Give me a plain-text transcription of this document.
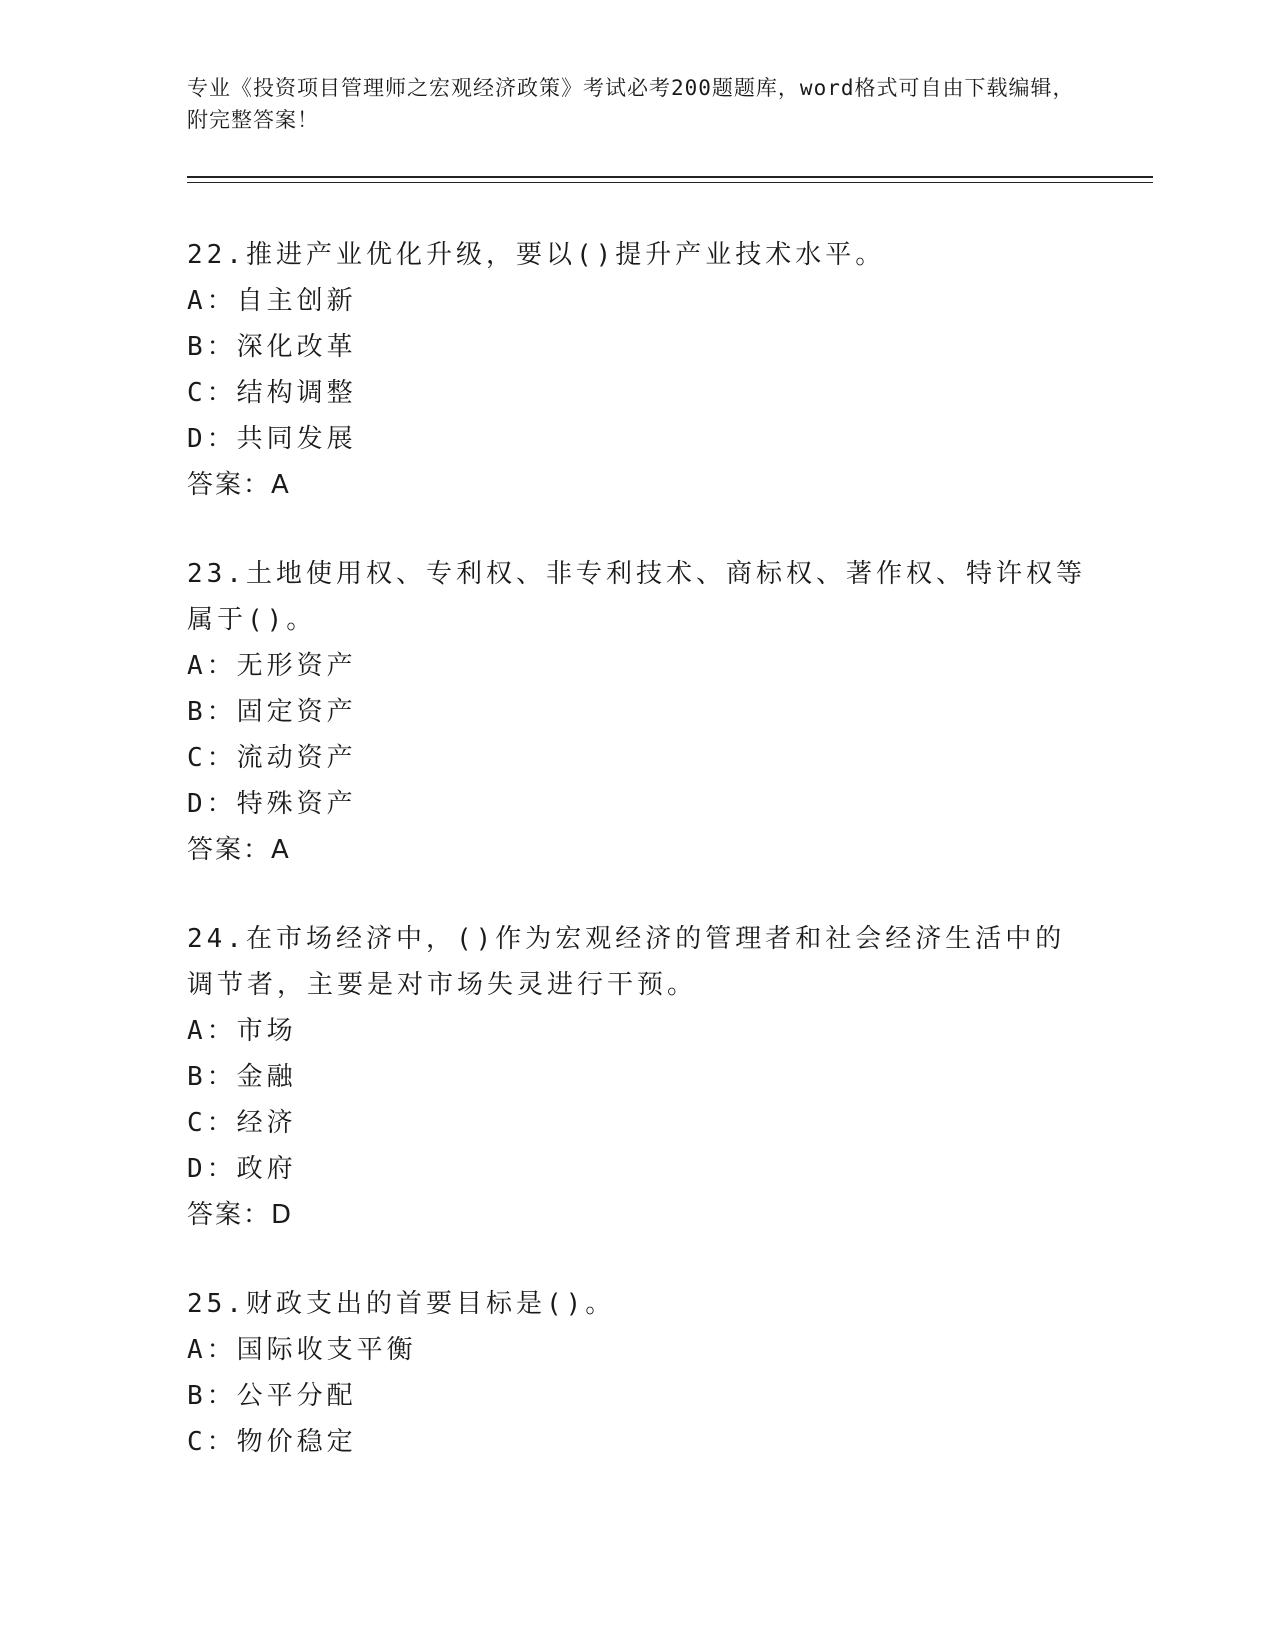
专业《投资项目管理师之宏观经济政策》考试必考200题题库，word格式可自由下载编辑，附完整答案！

22.推进产业优化升级，要以()提升产业技术水平。

A：自主创新

B：深化改革

C：结构调整

D：共同发展

答案：A

23.土地使用权、专利权、非专利技术、商标权、著作权、特许权等属于()。

A：无形资产

B：固定资产

C：流动资产

D：特殊资产

答案：A

24.在市场经济中，()作为宏观经济的管理者和社会经济生活中的调节者，主要是对市场失灵进行干预。

A：市场

B：金融

C：经济

D：政府

答案：D

25.财政支出的首要目标是()。

A：国际收支平衡

B：公平分配

C：物价稳定
